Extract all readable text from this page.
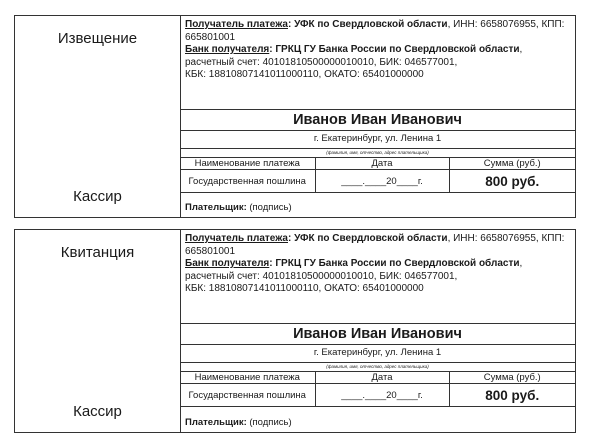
Извещение
Кассир
Получатель платежа: УФК по Свердловской области, ИНН: 6658076955, КПП: 665801001
Банк получателя: ГРКЦ ГУ Банка России по Свердловской области,
расчетный счет: 40101810500000010010, БИК: 046577001,
КБК: 18810807141011000110, ОКАТО: 65401000000
Иванов Иван Иванович
г. Екатеринбург, ул. Ленина 1
(фамилия, имя, отчество, адрес плательщика)
Наименование платежа	Дата	Сумма (руб.)
Государственная пошлина	____.____20____г.	800 руб.
Плательщик: (подпись)
Квитанция
Кассир
Получатель платежа: УФК по Свердловской области, ИНН: 6658076955, КПП: 665801001
Банк получателя: ГРКЦ ГУ Банка России по Свердловской области,
расчетный счет: 40101810500000010010, БИК: 046577001,
КБК: 18810807141011000110, ОКАТО: 65401000000
Иванов Иван Иванович
г. Екатеринбург, ул. Ленина 1
(фамилия, имя, отчество, адрес плательщика)
Наименование платежа	Дата	Сумма (руб.)
Государственная пошлина	____.____20____г.	800 руб.
Плательщик: (подпись)
